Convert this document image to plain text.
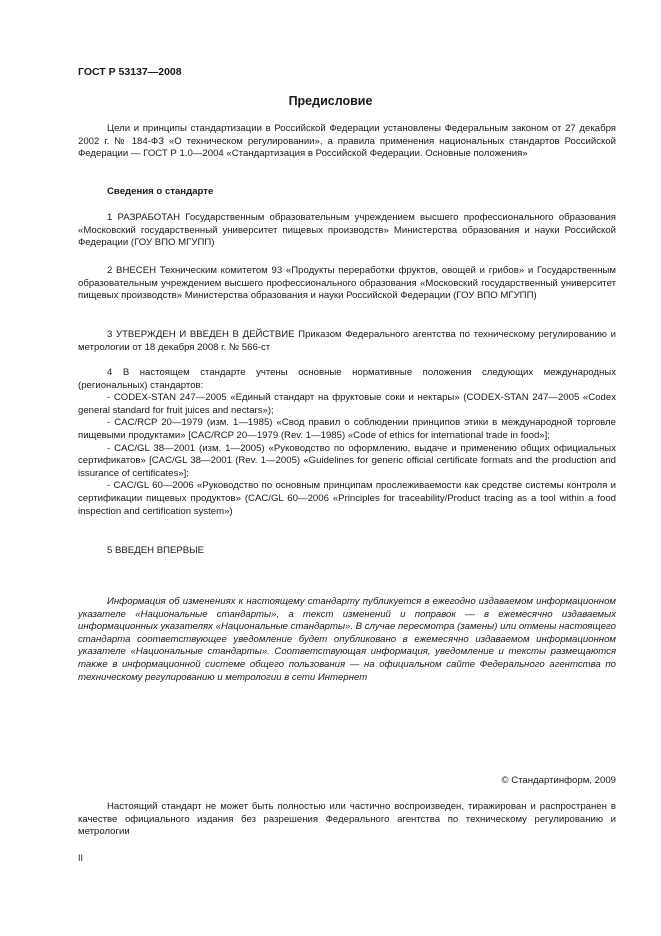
ГОСТ Р 53137—2008
Предисловие

Цели и принципы стандартизации в Российской Федерации установлены Федеральным законом от 27 декабря 2002 г. № 184-ФЗ «О техническом регулировании», а правила применения национальных стандартов Российской Федерации — ГОСТ Р 1.0—2004 «Стандартизация в Российской Федерации. Основные положения»

Сведения о стандарте

1 РАЗРАБОТАН Государственным образовательным учреждением высшего профессионального образования «Московский государственный университет пищевых производств» Министерства образования и науки Российской Федерации (ГОУ ВПО МГУПП)

2 ВНЕСЕН Техническим комитетом 93 «Продукты переработки фруктов, овощей и грибов» и Государственным образовательным учреждением высшего профессионального образования «Московский государственный университет пищевых производств» Министерства образования и науки Российской Федерации (ГОУ ВПО МГУПП)

3 УТВЕРЖДЕН И ВВЕДЕН В ДЕЙСТВИЕ Приказом Федерального агентства по техническому регулированию и метрологии от 18 декабря 2008 г. № 566-ст

4 В настоящем стандарте учтены основные нормативные положения следующих международных (региональных) стандартов:

- CODEX-STAN 247—2005 «Единый стандарт на фруктовые соки и нектары» (CODEX-STAN 247—2005 «Codex general standard for fruit juices and nectars»);

- CAC/RCP 20—1979 (изм. 1—1985) «Свод правил о соблюдении принципов этики в международной торговле пищевыми продуктами» [CAC/RCP 20—1979 (Rev. 1—1985) «Code of ethics for international trade in food»];

- CAC/GL 38—2001 (изм. 1—2005) «Руководство по оформлению, выдаче и применению общих официальных сертификатов» [CAC/GL 38—2001 (Rev. 1—2005) «Guidelines for generic official certificate formats and the production and issurance of certificates»];

- CAC/GL 60—2006 «Руководство по основным принципам прослеживаемости как средстве системы контроля и сертификации пищевых продуктов» (CAC/GL 60—2006 «Principles for traceability/Product tracing as a tool within a food inspection and certification system»)

5 ВВЕДЕН ВПЕРВЫЕ

Информация об изменениях к настоящему стандарту публикуется в ежегодно издаваемом информационном указателе «Национальные стандарты», а текст изменений и поправок — в ежемесячно издаваемых информационных указателях «Национальные стандарты». В случае пересмотра (замены) или отмены настоящего стандарта соответствующее уведомление будет опубликовано в ежемесячно издаваемом информационном указателе «Национальные стандарты». Соответствующая информация, уведомление и тексты размещаются также в информационной системе общего пользования — на официальном сайте Федерального агентства по техническому регулированию и метрологии в сети Интернет

© Стандартинформ, 2009

Настоящий стандарт не может быть полностью или частично воспроизведен, тиражирован и распространен в качестве официального издания без разрешения Федерального агентства по техническому регулированию и метрологии

II
